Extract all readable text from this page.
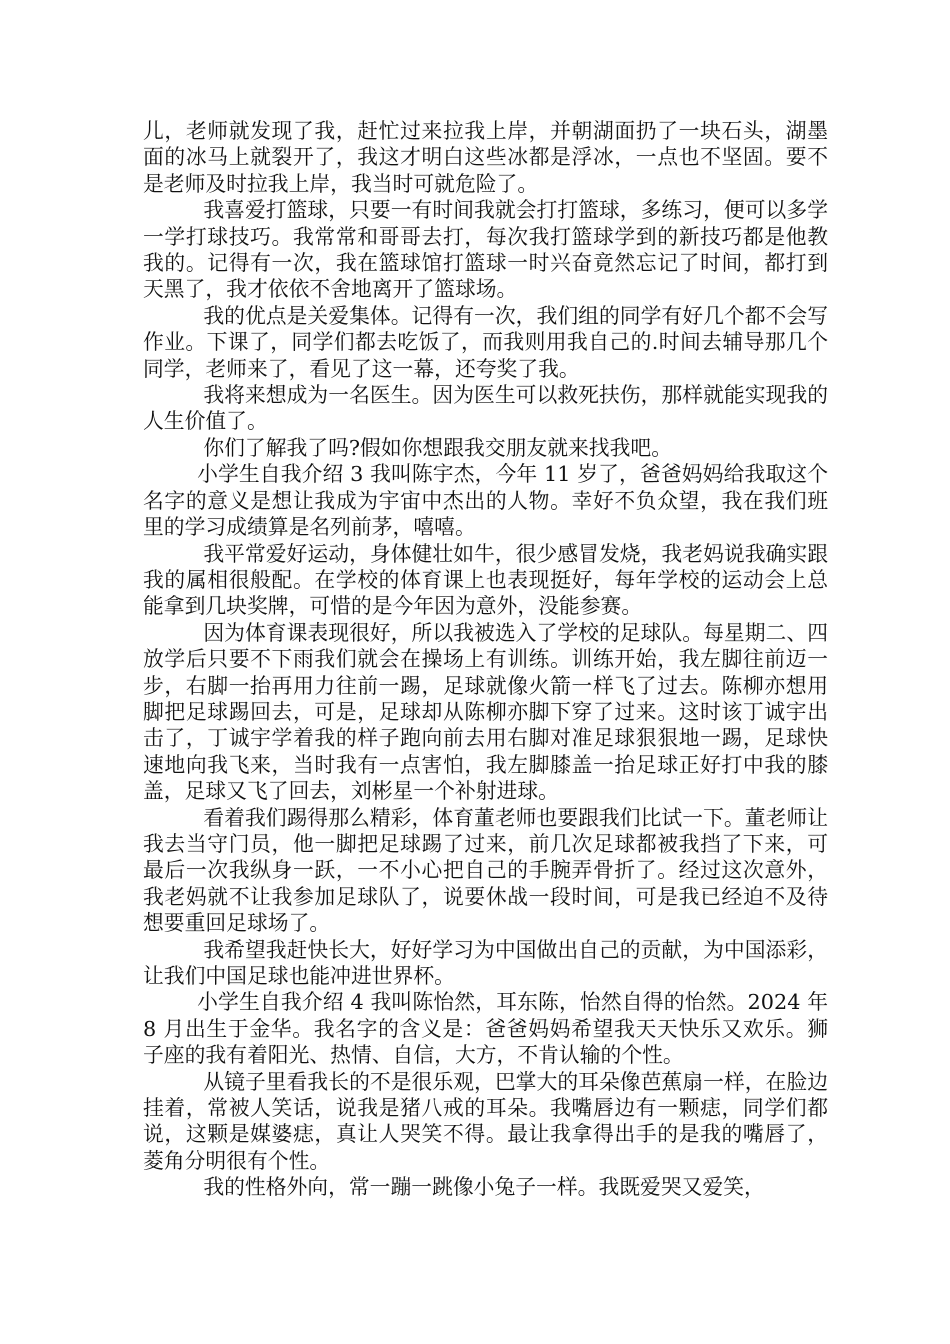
儿，老师就发现了我，赶忙过来拉我上岸，并朝湖面扔了一块石头，湖墨面的冰马上就裂开了，我这才明白这些冰都是浮冰，一点也不坚固。要不是老师及时拉我上岸，我当时可就危险了。

我喜爱打篮球，只要一有时间我就会打打篮球，多练习，便可以多学一学打球技巧。我常常和哥哥去打，每次我打篮球学到的新技巧都是他教我的。记得有一次，我在篮球馆打篮球一时兴奋竟然忘记了时间，都打到天黑了，我才依依不舍地离开了篮球场。

我的优点是关爱集体。记得有一次，我们组的同学有好几个都不会写作业。下课了，同学们都去吃饭了，而我则用我自己的.时间去辅导那几个同学，老师来了，看见了这一幕，还夸奖了我。

我将来想成为一名医生。因为医生可以救死扶伤，那样就能实现我的人生价值了。

你们了解我了吗?假如你想跟我交朋友就来找我吧。

小学生自我介绍 3 我叫陈宇杰，今年 11 岁了，爸爸妈妈给我取这个名字的意义是想让我成为宇宙中杰出的人物。幸好不负众望，我在我们班里的学习成绩算是名列前茅，嘻嘻。

我平常爱好运动，身体健壮如牛，很少感冒发烧，我老妈说我确实跟我的属相很般配。在学校的体育课上也表现挺好，每年学校的运动会上总能拿到几块奖牌，可惜的是今年因为意外，没能参赛。

因为体育课表现很好，所以我被选入了学校的足球队。每星期二、四放学后只要不下雨我们就会在操场上有训练。训练开始，我左脚往前迈一步，右脚一抬再用力往前一踢，足球就像火箭一样飞了过去。陈柳亦想用脚把足球踢回去，可是，足球却从陈柳亦脚下穿了过来。这时该丁诚宇出击了，丁诚宇学着我的样子跑向前去用右脚对准足球狠狠地一踢，足球快速地向我飞来，当时我有一点害怕，我左脚膝盖一抬足球正好打中我的膝盖，足球又飞了回去，刘彬星一个补射进球。

看着我们踢得那么精彩，体育董老师也要跟我们比试一下。董老师让我去当守门员，他一脚把足球踢了过来，前几次足球都被我挡了下来，可最后一次我纵身一跃，一不小心把自己的手腕弄骨折了。经过这次意外，我老妈就不让我参加足球队了，说要休战一段时间，可是我已经迫不及待想要重回足球场了。

我希望我赶快长大，好好学习为中国做出自己的贡献，为中国添彩，让我们中国足球也能冲进世界杯。

小学生自我介绍 4 我叫陈怡然，耳东陈，怡然自得的怡然。2024 年 8 月出生于金华。我名字的含义是：爸爸妈妈希望我天天快乐又欢乐。狮子座的我有着阳光、热情、自信，大方，不肯认输的个性。

从镜子里看我长的不是很乐观，巴掌大的耳朵像芭蕉扇一样，在脸边挂着，常被人笑话，说我是猪八戒的耳朵。我嘴唇边有一颗痣，同学们都说，这颗是媒婆痣，真让人哭笑不得。最让我拿得出手的是我的嘴唇了，菱角分明很有个性。

我的性格外向，常一蹦一跳像小兔子一样。我既爱哭又爱笑，
